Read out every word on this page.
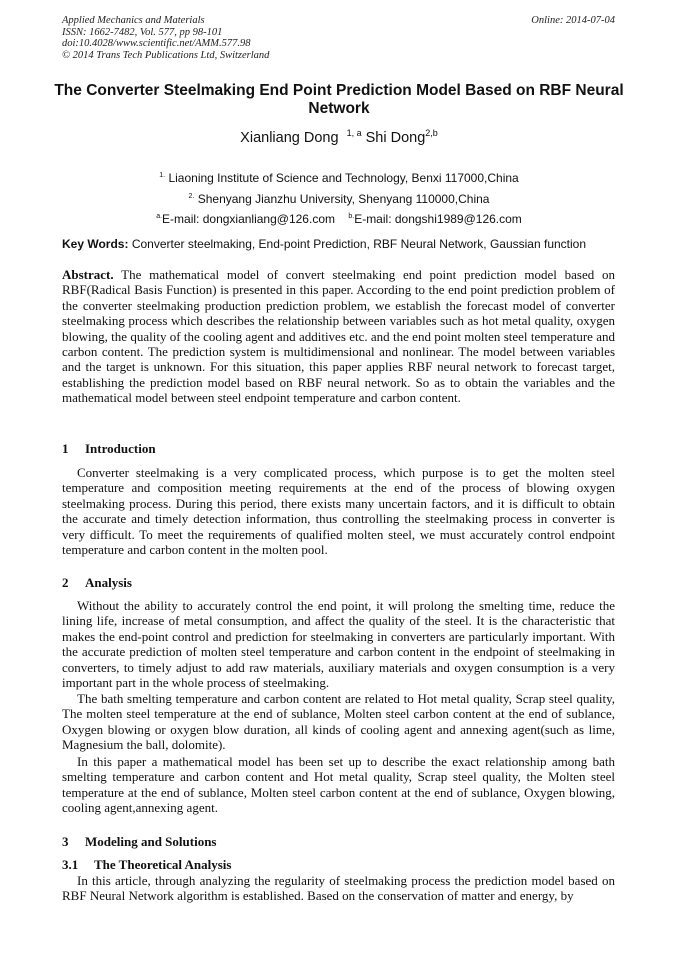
Applied Mechanics and Materials
ISSN: 1662-7482, Vol. 577, pp 98-101
doi:10.4028/www.scientific.net/AMM.577.98
© 2014 Trans Tech Publications Ltd, Switzerland
Online: 2014-07-04
The Converter Steelmaking End Point Prediction Model Based on RBF Neural Network
Xianliang Dong $^{1, a}$ Shi Dong$^{2,b}$
$^{1.}$ Liaoning Institute of Science and Technology, Benxi 117000,China
$^{2.}$ Shenyang Jianzhu University, Shenyang 110000,China
$^{a.}$E-mail: dongxianliang@126.com $^{b.}$E-mail: dongshi1989@126.com
Key Words: Converter steelmaking, End-point Prediction, RBF Neural Network, Gaussian function
Abstract. The mathematical model of convert steelmaking end point prediction model based on RBF(Radical Basis Function) is presented in this paper. According to the end point prediction problem of the converter steelmaking production prediction problem, we establish the forecast model of converter steelmaking process which describes the relationship between variables such as hot metal quality, oxygen blowing, the quality of the cooling agent and additives etc. and the end point molten steel temperature and carbon content. The prediction system is multidimensional and nonlinear. The model between variables and the target is unknown. For this situation, this paper applies RBF neural network to forecast target, establishing the prediction model based on RBF neural network. So as to obtain the variables and the mathematical model between steel endpoint temperature and carbon content.
1 Introduction
Converter steelmaking is a very complicated process, which purpose is to get the molten steel temperature and composition meeting requirements at the end of the process of blowing oxygen steelmaking process. During this period, there exists many uncertain factors, and it is difficult to obtain the accurate and timely detection information, thus controlling the steelmaking process in converter is very difficult. To meet the requirements of qualified molten steel, we must accurately control endpoint temperature and carbon content in the molten pool.
2 Analysis
Without the ability to accurately control the end point, it will prolong the smelting time, reduce the lining life, increase of metal consumption, and affect the quality of the steel. It is the characteristic that makes the end-point control and prediction for steelmaking in converters are particularly important. With the accurate prediction of molten steel temperature and carbon content in the endpoint of steelmaking in converters, to timely adjust to add raw materials, auxiliary materials and oxygen consumption is a very important part in the whole process of steelmaking.
The bath smelting temperature and carbon content are related to Hot metal quality, Scrap steel quality, The molten steel temperature at the end of sublance, Molten steel carbon content at the end of sublance, Oxygen blowing or oxygen blow duration, all kinds of cooling agent and annexing agent(such as lime, Magnesium the ball, dolomite).
In this paper a mathematical model has been set up to describe the exact relationship among bath smelting temperature and carbon content and Hot metal quality, Scrap steel quality, the Molten steel temperature at the end of sublance, Molten steel carbon content at the end of sublance, Oxygen blowing, cooling agent,annexing agent.
3 Modeling and Solutions
3.1 The Theoretical Analysis
In this article, through analyzing the regularity of steelmaking process the prediction model based on RBF Neural Network algorithm is established. Based on the conservation of matter and energy, by
